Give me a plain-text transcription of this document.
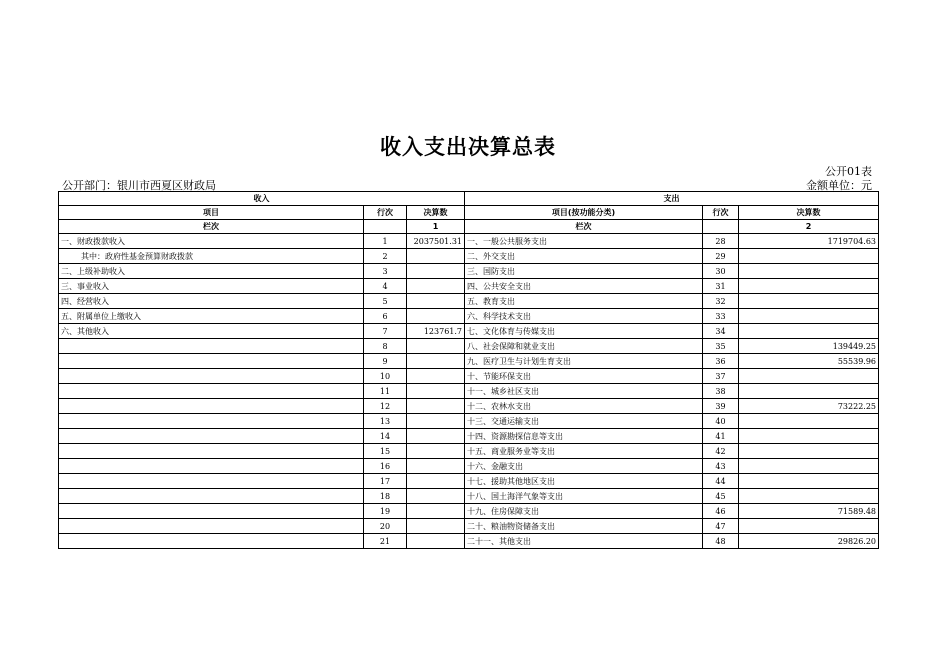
收入支出决算总表
公开01表
公开部门：银川市西夏区财政局	金额单位：元
收入			支出		
项目	行次	决算数	项目(按功能分类)	行次	决算数
栏次		1	栏次		2
一、财政拨款收入	1	2037501.31	一、一般公共服务支出	28	1719704.63
其中：政府性基金预算财政拨款	2		二、外交支出	29	
二、上级补助收入	3		三、国防支出	30	
三、事业收入	4		四、公共安全支出	31	
四、经营收入	5		五、教育支出	32	
五、附属单位上缴收入	6		六、科学技术支出	33	
六、其他收入	7	123761.7	七、文化体育与传媒支出	34	
	8		八、社会保障和就业支出	35	139449.25
	9		九、医疗卫生与计划生育支出	36	55539.96
	10		十、节能环保支出	37	
	11		十一、城乡社区支出	38	
	12		十二、农林水支出	39	73222.25
	13		十三、交通运输支出	40	
	14		十四、资源勘探信息等支出	41	
	15		十五、商业服务业等支出	42	
	16		十六、金融支出	43	
	17		十七、援助其他地区支出	44	
	18		十八、国土海洋气象等支出	45	
	19		十九、住房保障支出	46	71589.48
	20		二十、粮油物资储备支出	47	
	21		二十一、其他支出	48	29826.20
